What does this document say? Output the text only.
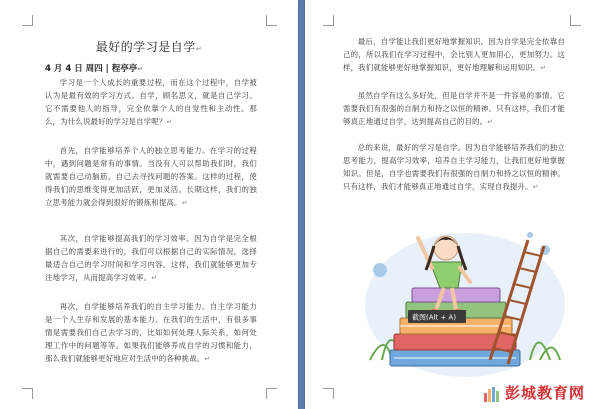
最好的学习是自学↵
4 月 4 日 周四 | 程亭亭↵

学习是一个人成长的重要过程，而在这个过程中，自学被认为是最有效的学习方式。自学，顾名思义，就是自己学习。它不需要他人的指导，完全依靠个人的自觉性和主动性。那么，为什么说最好的学习是自学呢？↵

首先，自学能够培养个人的独立思考能力。在学习的过程中，遇到问题是常有的事情。当没有人可以帮助我们时，我们就需要自己动脑筋，自己去寻找问题的答案。这样的过程，使得我们的思维变得更加活跃，更加灵活。长期这样，我们的独立思考能力就会得到很好的锻炼和提高。↵

其次，自学能够提高我们的学习效率。因为自学是完全根据自己的需要来进行的，我们可以根据自己的实际情况，选择最适合自己的学习时间和学习内容。这样，我们就能够更加专注地学习，从而提高学习效率。↵

再次，自学能够培养我们的自主学习能力。自主学习能力是一个人生存和发展的基本能力。在我们的生活中，有很多事情是需要我们自己去学习的，比如如何处理人际关系，如何处理工作中的问题等等。如果我们能够养成自学的习惯和能力，那么我们就能够更好地应对生活中的各种挑战。↵

最后，自学能让我们更好地掌握知识。因为自学是完全依靠自己的，所以我们在学习过程中，会比别人更加用心，更加努力。这样，我们就能够更好地掌握知识，更好地理解和运用知识。↵

虽然自学有这么多好处，但是自学并不是一件容易的事情。它需要我们有很强的自制力和持之以恒的精神。只有这样，我们才能够真正地通过自学，达到提高自己的目的。↵

总的来说，最好的学习是自学。因为自学能够培养我们的独立思考能力，提高学习效率，培养自主学习能力，让我们更好地掌握知识。但是，自学也需要我们有很强的自制力和持之以恒的精神。只有这样，我们才能够真正地通过自学，实现自我提升。↵

截图(Alt + A)
彭城教育网
